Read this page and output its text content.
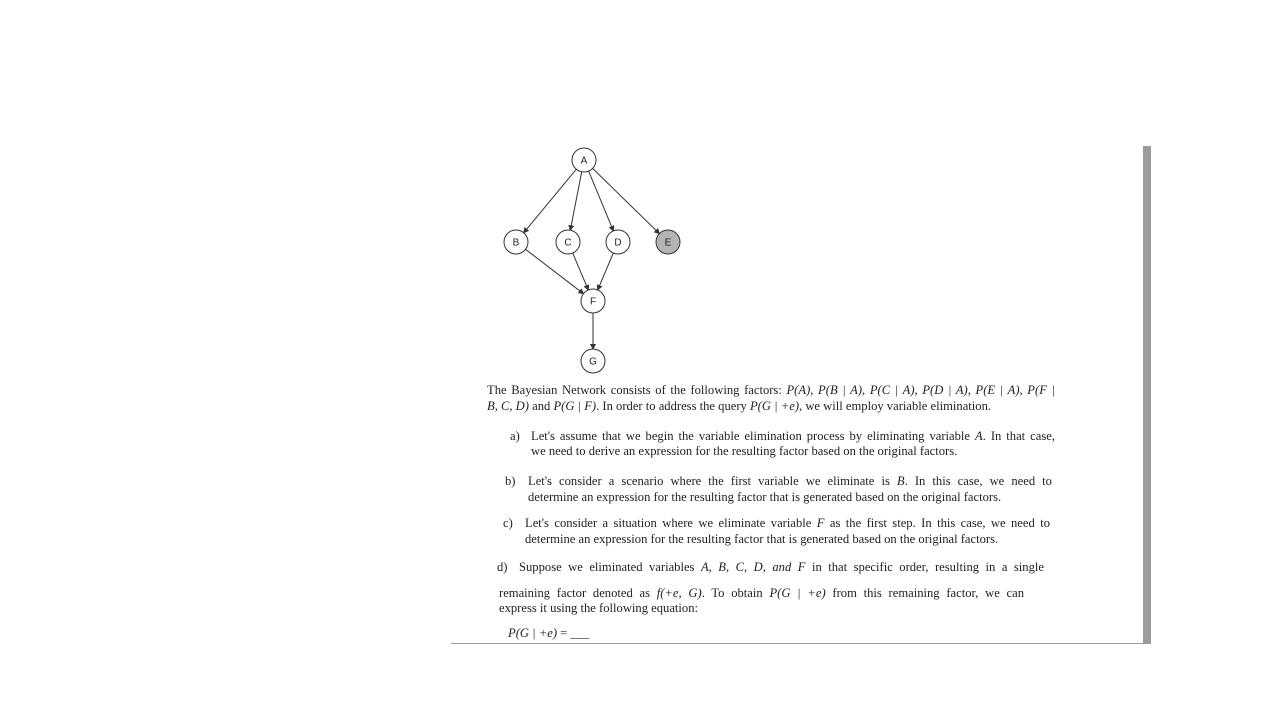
A
B	C	D	E
F
G
The Bayesian Network consists of the following factors: P(A), P(B | A), P(C | A), P(D | A), P(E | A), P(F |
B, C, D) and P(G | F). In order to address the query P(G | +e), we will employ variable elimination.
a) Let's assume that we begin the variable elimination process by eliminating variable A. In that case,
we need to derive an expression for the resulting factor based on the original factors.
b) Let's consider a scenario where the first variable we eliminate is B. In this case, we need to
determine an expression for the resulting factor that is generated based on the original factors.
c) Let's consider a situation where we eliminate variable F as the first step. In this case, we need to
determine an expression for the resulting factor that is generated based on the original factors.
d) Suppose we eliminated variables A, B, C, D, and F in that specific order, resulting in a single
remaining factor denoted as f(+e, G). To obtain P(G | +e) from this remaining factor, we can
express it using the following equation:
P(G | +e) = ___
